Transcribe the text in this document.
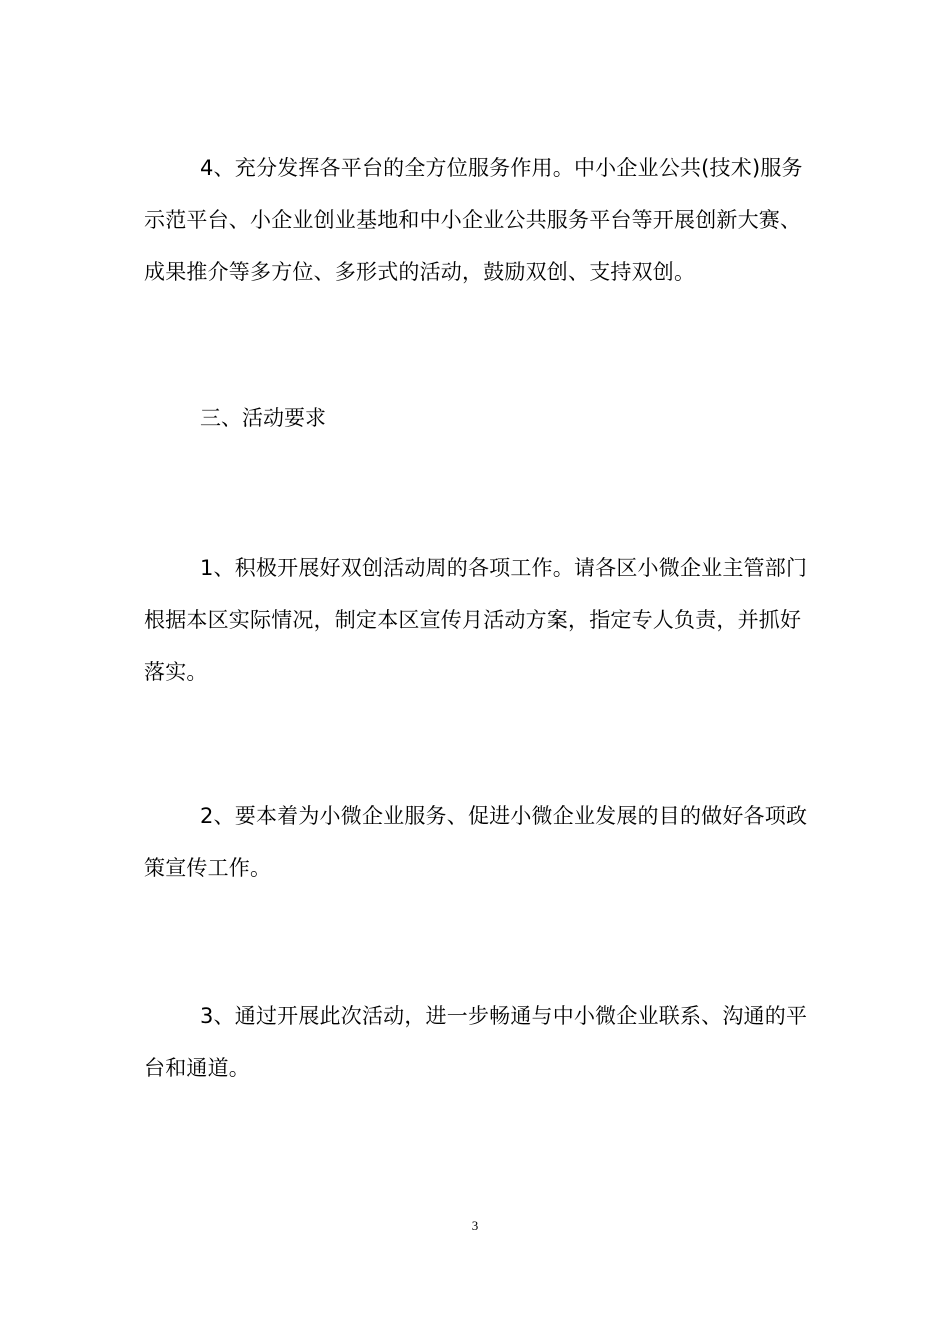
4、充分发挥各平台的全方位服务作用。中小企业公共(技术)服务示范平台、小企业创业基地和中小企业公共服务平台等开展创新大赛、成果推介等多方位、多形式的活动，鼓励双创、支持双创。

三、活动要求

1、积极开展好双创活动周的各项工作。请各区小微企业主管部门根据本区实际情况，制定本区宣传月活动方案，指定专人负责，并抓好落实。

2、要本着为小微企业服务、促进小微企业发展的目的做好各项政策宣传工作。

3、通过开展此次活动，进一步畅通与中小微企业联系、沟通的平台和通道。

3
